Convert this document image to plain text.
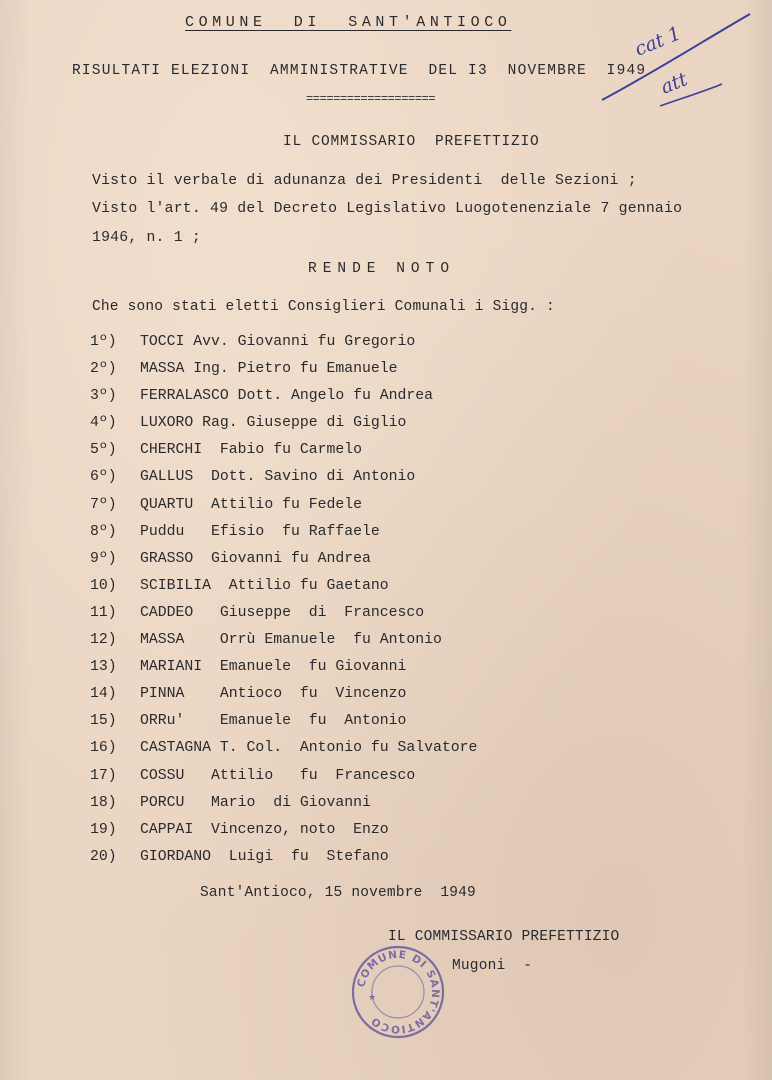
COMUNE  DI  SANT'ANTIOCO	cat 1
att
RISULTATI ELEZIONI  AMMINISTRATIVE  DEL I3  NOVEMBRE  I949
===================
IL COMMISSARIO  PREFETTIZIO
Visto il verbale di adunanza dei Presidenti  delle Sezioni ;
Visto l'art. 49 del Decreto Legislativo Luogotenenziale 7 gennaio
1946, n. 1 ;
RENDE NOTO
Che sono stati eletti Consiglieri Comunali i Sigg. :
1º)	TOCCI Avv. Giovanni fu Gregorio
2º)	MASSA Ing. Pietro fu Emanuele
3º)	FERRALASCO Dott. Angelo fu Andrea
4º)	LUXORO Rag. Giuseppe di Giglio
5º)	CHERCHI  Fabio fu Carmelo
6º)	GALLUS  Dott. Savino di Antonio
7º)	QUARTU  Attilio fu Fedele
8º)	Puddu   Efisio  fu Raffaele
9º)	GRASSO  Giovanni fu Andrea
10)	SCIBILIA  Attilio fu Gaetano
11)	CADDEO   Giuseppe  di  Francesco
12)	MASSA    Orrù Emanuele  fu Antonio
13)	MARIANI  Emanuele  fu Giovanni
14)	PINNA    Antioco  fu  Vincenzo
15)	ORRu'    Emanuele  fu  Antonio
16)	CASTAGNA T. Col.  Antonio fu Salvatore
17)	COSSU   Attilio   fu  Francesco
18)	PORCU   Mario  di Giovanni
19)	CAPPAI  Vincenzo, noto  Enzo
20)	GIORDANO  Luigi  fu  Stefano
Sant'Antioco, 15 novembre  1949
IL COMMISSARIO PREFETTIZIO
Mugoni  -
COMUNE DI SANT'ANTIOCO
★
